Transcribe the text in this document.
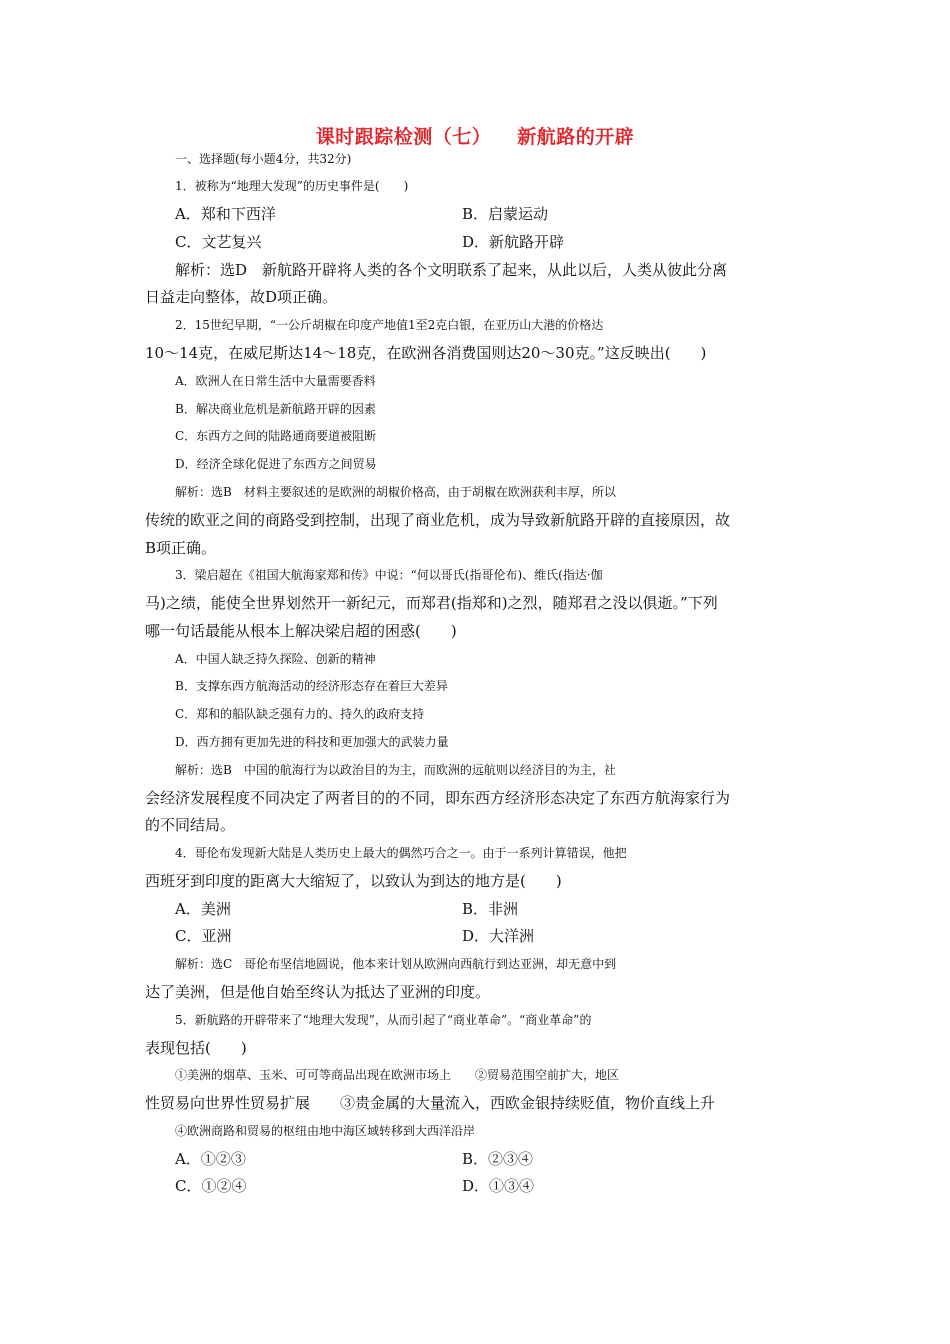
课时跟踪检测（七） 新航路的开辟
一、选择题(每小题4分，共32分)
1．被称为“地理大发现”的历史事件是(　　)
A．郑和下西洋	B．启蒙运动
C．文艺复兴	D．新航路开辟
解析：选D　新航路开辟将人类的各个文明联系了起来，从此以后，人类从彼此分离
日益走向整体，故D项正确。
2．15世纪早期，“一公斤胡椒在印度产地值1至2克白银，在亚历山大港的价格达
10～14克，在威尼斯达14～18克，在欧洲各消费国则达20～30克。”这反映出(　　)
A．欧洲人在日常生活中大量需要香料
B．解决商业危机是新航路开辟的因素
C．东西方之间的陆路通商要道被阻断
D．经济全球化促进了东西方之间贸易
解析：选B　材料主要叙述的是欧洲的胡椒价格高，由于胡椒在欧洲获利丰厚，所以
传统的欧亚之间的商路受到控制，出现了商业危机，成为导致新航路开辟的直接原因，故
B项正确。
3．梁启超在《祖国大航海家郑和传》中说：“何以哥氏(指哥伦布)、维氏(指达·伽
马)之绩，能使全世界划然开一新纪元，而郑君(指郑和)之烈，随郑君之没以俱逝。”下列
哪一句话最能从根本上解决梁启超的困惑(　　)
A．中国人缺乏持久探险、创新的精神
B．支撑东西方航海活动的经济形态存在着巨大差异
C．郑和的船队缺乏强有力的、持久的政府支持
D．西方拥有更加先进的科技和更加强大的武装力量
解析：选B　中国的航海行为以政治目的为主，而欧洲的远航则以经济目的为主，社
会经济发展程度不同决定了两者目的的不同，即东西方经济形态决定了东西方航海家行为
的不同结局。
4．哥伦布发现新大陆是人类历史上最大的偶然巧合之一。由于一系列计算错误，他把
西班牙到印度的距离大大缩短了，以致认为到达的地方是(　　)
A．美洲	B．非洲
C．亚洲	D．大洋洲
解析：选C　哥伦布坚信地圆说，他本来计划从欧洲向西航行到达亚洲，却无意中到
达了美洲，但是他自始至终认为抵达了亚洲的印度。
5．新航路的开辟带来了“地理大发现”，从而引起了“商业革命”。“商业革命”的
表现包括(　　)
①美洲的烟草、玉米、可可等商品出现在欧洲市场上　　②贸易范围空前扩大，地区
性贸易向世界性贸易扩展　　③贵金属的大量流入，西欧金银持续贬值，物价直线上升
④欧洲商路和贸易的枢纽由地中海区域转移到大西洋沿岸
A．①②③	B．②③④
C．①②④	D．①③④
